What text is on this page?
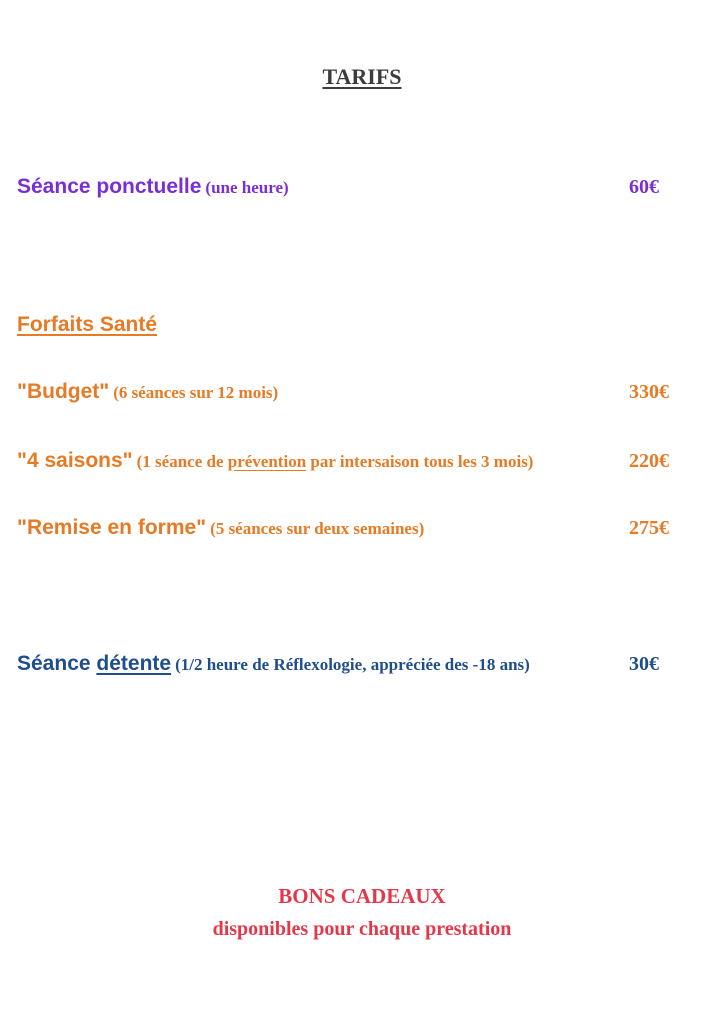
TARIFS
Séance ponctuelle (une heure)	60€
Forfaits Santé
"Budget" (6 séances sur 12 mois)	330€
"4 saisons" (1 séance de prévention par intersaison tous les 3 mois)	220€
"Remise en forme" (5 séances sur deux semaines)	275€
Séance détente (1/2 heure de Réflexologie, appréciée des -18 ans)	30€
BONS CADEAUX
disponibles pour chaque prestation
